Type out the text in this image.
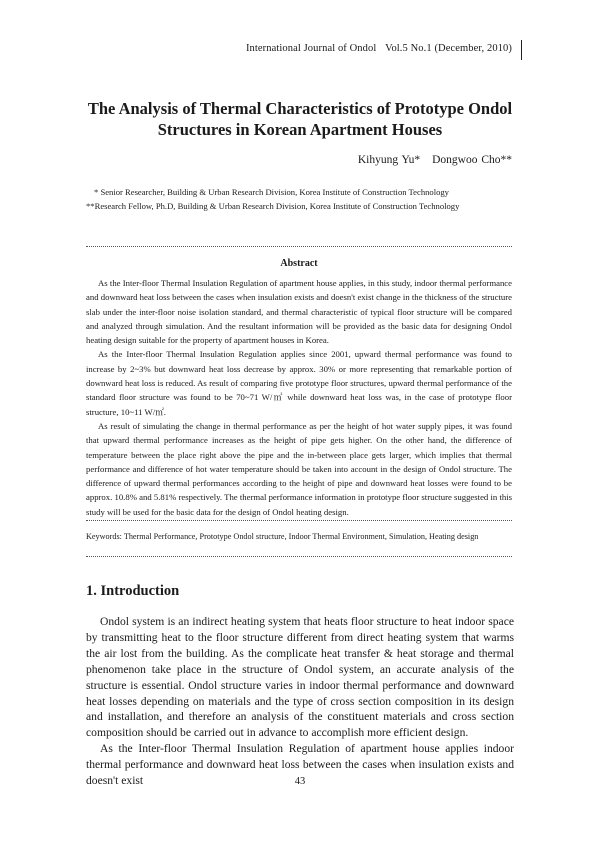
International Journal of Ondol Vol.5 No.1 (December, 2010)
The Analysis of Thermal Characteristics of Prototype Ondol
Structures in Korean Apartment Houses
Kihyung Yu* Dongwoo Cho**
* Senior Researcher, Building & Urban Research Division, Korea Institute of Construction Technology
**Research Fellow, Ph.D, Building & Urban Research Division, Korea Institute of Construction Technology
Abstract

As the Inter-floor Thermal Insulation Regulation of apartment house applies, in this study, indoor thermal performance and downward heat loss between the cases when insulation exists and doesn't exist change in the thickness of the structure slab under the inter-floor noise isolation standard, and thermal characteristic of typical floor structure will be compared and analyzed through simulation. And the resultant information will be provided as the basic data for designing Ondol heating design suitable for the property of apartment houses in Korea.

As the Inter-floor Thermal Insulation Regulation applies since 2001, upward thermal performance was found to increase by 2~3% but downward heat loss decrease by approx. 30% or more representing that remarkable portion of downward heat loss is reduced. As result of comparing five prototype floor structures, upward thermal performance of the standard floor structure was found to be 70~71 W/㎡ while downward heat loss was, in the case of prototype floor structure, 10~11 W/㎡.

As result of simulating the change in thermal performance as per the height of hot water supply pipes, it was found that upward thermal performance increases as the height of pipe gets higher. On the other hand, the difference of temperature between the place right above the pipe and the in-between place gets larger, which implies that thermal performance and difference of hot water temperature should be taken into account in the design of Ondol structure. The difference of upward thermal performances according to the height of pipe and downward heat losses were found to be approx. 10.8% and 5.81% respectively. The thermal performance information in prototype floor structure suggested in this study will be used for the basic data for the design of Ondol heating design.

Keywords: Thermal Performance, Prototype Ondol structure, Indoor Thermal Environment, Simulation, Heating design
1. Introduction

Ondol system is an indirect heating system that heats floor structure to heat indoor space by transmitting heat to the floor structure different from direct heating system that warms the air lost from the building. As the complicate heat transfer & heat storage and thermal phenomenon take place in the structure of Ondol system, an accurate analysis of the structure is essential. Ondol structure varies in indoor thermal performance and downward heat losses depending on materials and the type of cross section composition in its design and installation, and therefore an analysis of the constituent materials and cross section composition should be carried out in advance to accomplish more efficient design.

As the Inter-floor Thermal Insulation Regulation of apartment house applies indoor thermal performance and downward heat loss between the cases when insulation exists and doesn't exist	43
